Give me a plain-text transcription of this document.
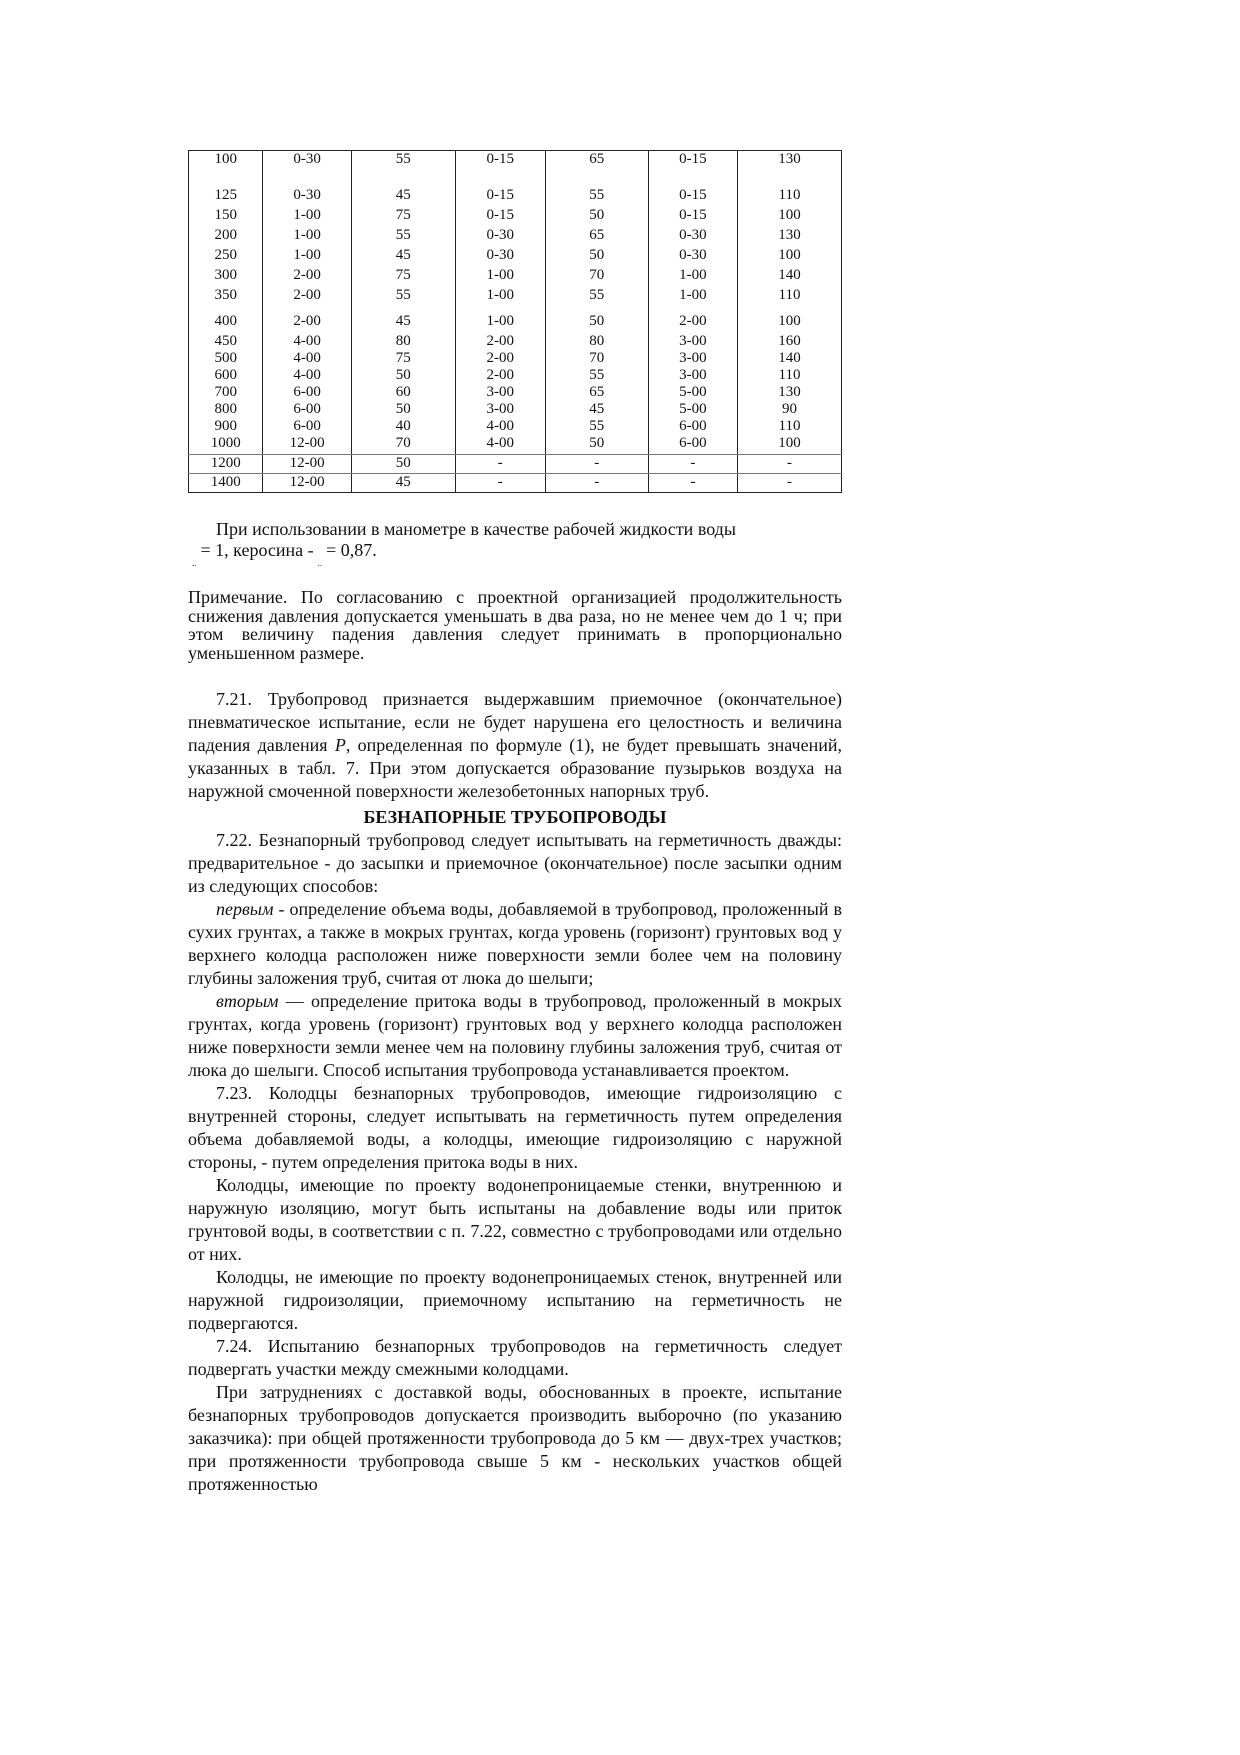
100	0-30	55	0-15	65	0-15	130
125	0-30	45	0-15	55	0-15	110
150	1-00	75	0-15	50	0-15	100
200	1-00	55	0-30	65	0-30	130
250	1-00	45	0-30	50	0-30	100
300	2-00	75	1-00	70	1-00	140
350	2-00	55	1-00	55	1-00	110
400	2-00	45	1-00	50	2-00	100
450	4-00	80	2-00	80	3-00	160
500	4-00	75	2-00	70	3-00	140
600	4-00	50	2-00	55	3-00	110
700	6-00	60	3-00	65	5-00	130
800	6-00	50	3-00	45	5-00	90
900	6-00	40	4-00	55	6-00	110
1000	12-00	70	4-00	50	6-00	100
1200	12-00	50	-	-	-	-
1400	12-00	45	-	-	-	-

При использовании в манометре в качестве рабочей жидкости воды

..= 1, керосина -..= 0,87.

Примечание. По согласованию с проектной организацией продолжительность снижения давления допускается уменьшать в два раза, но не менее чем до 1 ч; при этом величину падения давления следует принимать в пропорционально уменьшенном размере.

7.21. Трубопровод признается выдержавшим приемочное (окончательное) пневматическое испытание, если не будет нарушена его целостность и величина падения давления P, определенная по формуле (1), не будет превышать значений, указанных в табл. 7. При этом допускается образование пузырьков воздуха на наружной смоченной поверхности железобетонных напорных труб.

БЕЗНАПОРНЫЕ ТРУБОПРОВОДЫ

7.22. Безнапорный трубопровод следует испытывать на герметичность дважды: предварительное - до засыпки и приемочное (окончательное) после засыпки одним из следующих способов:

первым - определение объема воды, добавляемой в трубопровод, проложенный в сухих грунтах, а также в мокрых грунтах, когда уровень (горизонт) грунтовых вод у верхнего колодца расположен ниже поверхности земли более чем на половину глубины заложения труб, считая от люка до шелыги;

вторым — определение притока воды в трубопровод, проложенный в мокрых грунтах, когда уровень (горизонт) грунтовых вод у верхнего колодца расположен ниже поверхности земли менее чем на половину глубины заложения труб, считая от люка до шелыги. Способ испытания трубопровода устанавливается проектом.

7.23. Колодцы безнапорных трубопроводов, имеющие гидроизоляцию с внутренней стороны, следует испытывать на герметичность путем определения объема добавляемой воды, а колодцы, имеющие гидроизоляцию с наружной стороны, - путем определения притока воды в них.

Колодцы, имеющие по проекту водонепроницаемые стенки, внутреннюю и наружную изоляцию, могут быть испытаны на добавление воды или приток грунтовой воды, в соответствии с п. 7.22, совместно с трубопроводами или отдельно от них.

Колодцы, не имеющие по проекту водонепроницаемых стенок, внутренней или наружной гидроизоляции, приемочному испытанию на герметичность не подвергаются.

7.24. Испытанию безнапорных трубопроводов на герметичность следует подвергать участки между смежными колодцами.

При затруднениях с доставкой воды, обоснованных в проекте, испытание безнапорных трубопроводов допускается производить выборочно (по указанию заказчика): при общей протяженности трубопровода до 5 км — двух-трех участков; при протяженности трубопровода свыше 5 км - нескольких участков общей протяженностью
